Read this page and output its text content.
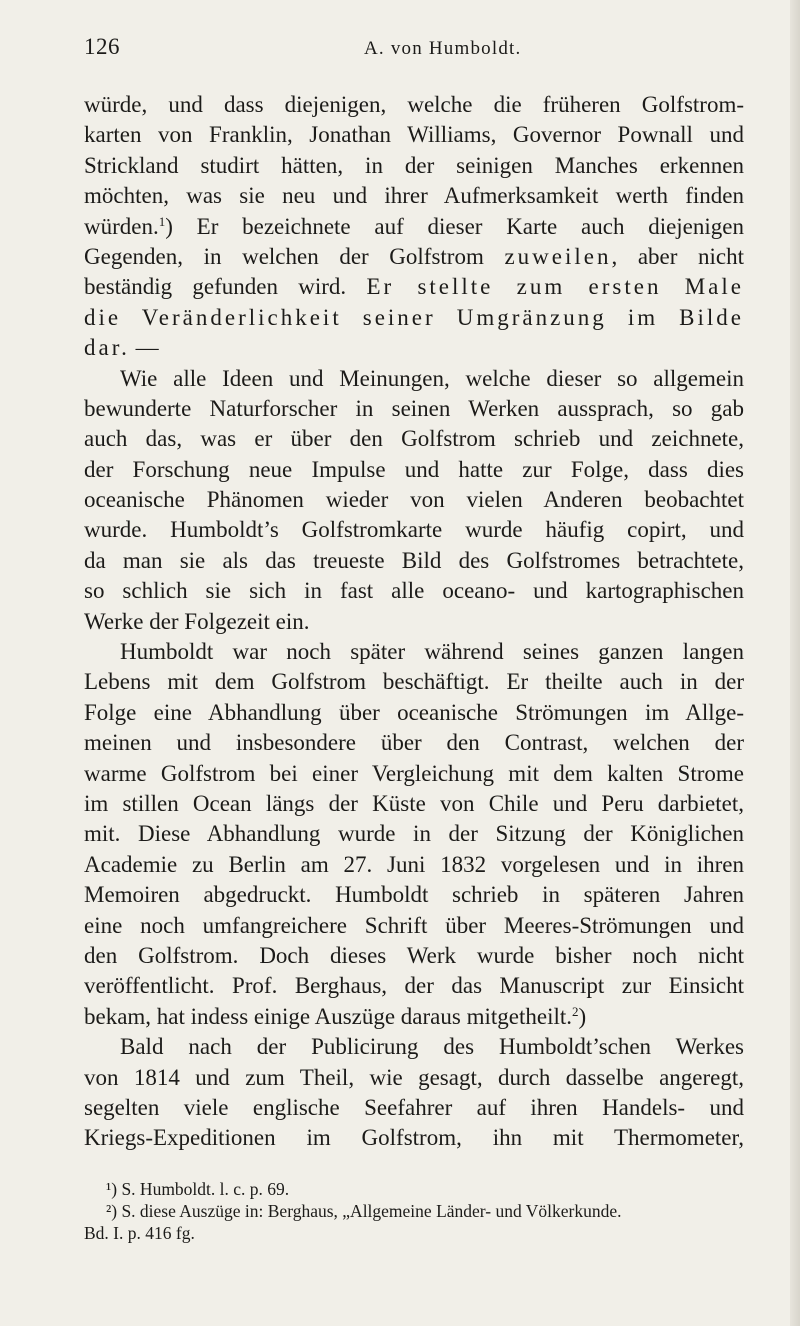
126	A. von Humboldt.
würde, und dass diejenigen, welche die früheren Golfstrom-
karten von Franklin, Jonathan Williams, Governor Pownall und
Strickland studirt hätten, in der seinigen Manches erkennen
möchten, was sie neu und ihrer Aufmerksamkeit werth finden
würden.$^1$) Er bezeichnete auf dieser Karte auch diejenigen
Gegenden, in welchen der Golfstrom zuweilen, aber nicht
beständig gefunden wird. Er stellte zum ersten Male
die Veränderlichkeit seiner Umgränzung im Bilde
dar. —
Wie alle Ideen und Meinungen, welche dieser so allgemein
bewunderte Naturforscher in seinen Werken aussprach, so gab
auch das, was er über den Golfstrom schrieb und zeichnete,
der Forschung neue Impulse und hatte zur Folge, dass dies
oceanische Phänomen wieder von vielen Anderen beobachtet
wurde. Humboldt’s Golfstromkarte wurde häufig copirt, und
da man sie als das treueste Bild des Golfstromes betrachtete,
so schlich sie sich in fast alle oceano- und kartographischen
Werke der Folgezeit ein.
Humboldt war noch später während seines ganzen langen
Lebens mit dem Golfstrom beschäftigt. Er theilte auch in der
Folge eine Abhandlung über oceanische Strömungen im Allge-
meinen und insbesondere über den Contrast, welchen der
warme Golfstrom bei einer Vergleichung mit dem kalten Strome
im stillen Ocean längs der Küste von Chile und Peru darbietet,
mit. Diese Abhandlung wurde in der Sitzung der Königlichen
Academie zu Berlin am 27. Juni 1832 vorgelesen und in ihren
Memoiren abgedruckt. Humboldt schrieb in späteren Jahren
eine noch umfangreichere Schrift über Meeres-Strömungen und
den Golfstrom. Doch dieses Werk wurde bisher noch nicht
veröffentlicht. Prof. Berghaus, der das Manuscript zur Einsicht
bekam, hat indess einige Auszüge daraus mitgetheilt.$^2$)
Bald nach der Publicirung des Humboldt’schen Werkes
von 1814 und zum Theil, wie gesagt, durch dasselbe angeregt,
segelten viele englische Seefahrer auf ihren Handels- und
Kriegs-Expeditionen im Golfstrom, ihn mit Thermometer,
¹) S. Humboldt. l. c. p. 69.
²) S. diese Auszüge in: Berghaus, „Allgemeine Länder- und Völkerkunde.
Bd. I. p. 416 fg.
